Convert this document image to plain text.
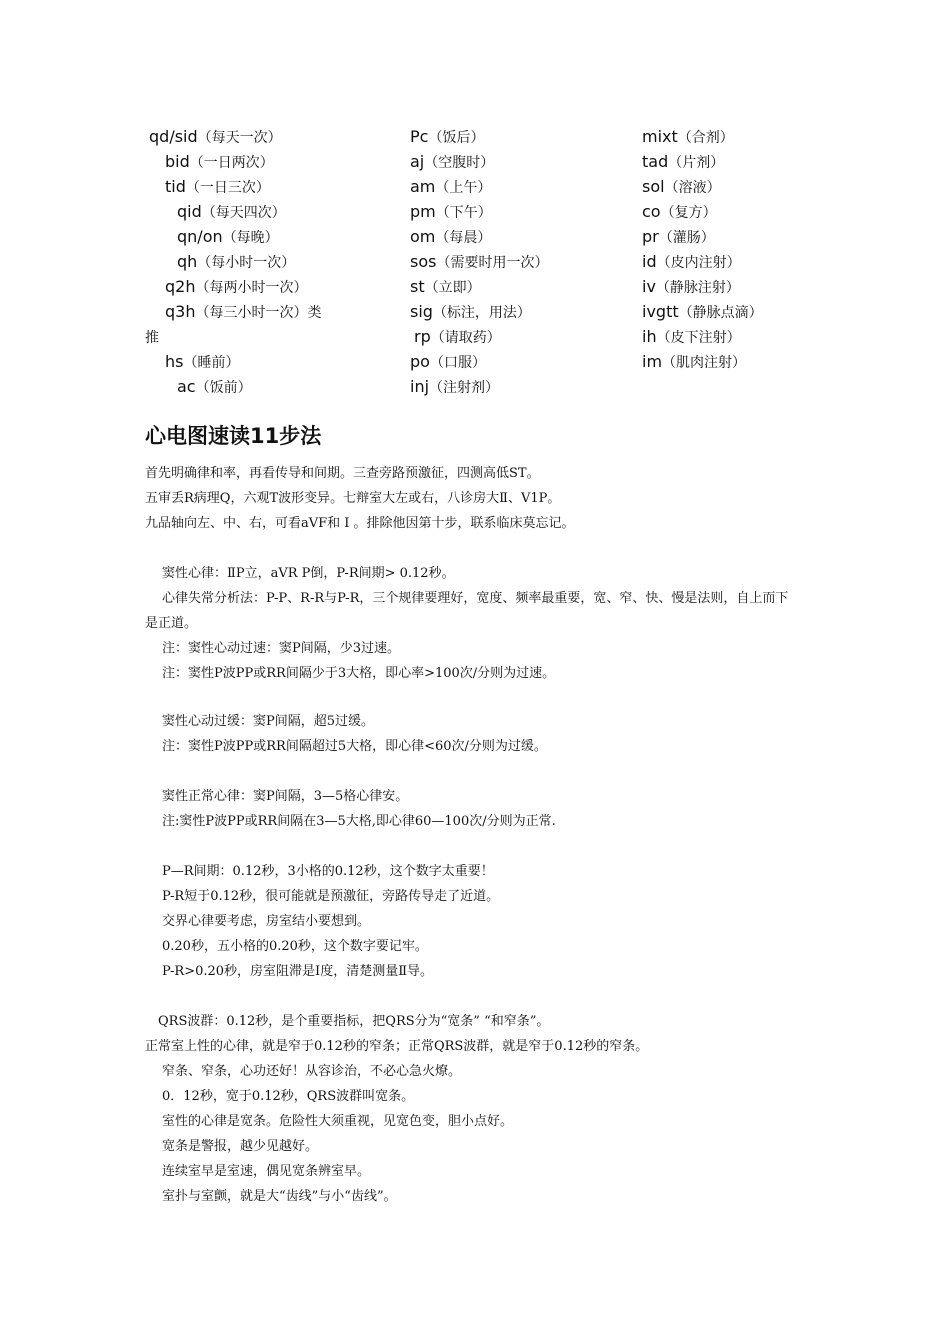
qd/sid（每天一次）
bid（一日两次）
tid（一日三次）
qid（每天四次）
qn/on（每晚）
qh（每小时一次）
q2h（每两小时一次）
q3h（每三小时一次）类
推
hs（睡前）
ac（饭前）
Pc（饭后）
aj（空腹时）
am（上午）
pm（下午）
om（每晨）
sos（需要时用一次）
st（立即）
sig（标注，用法）
rp（请取药）
po（口服）
inj（注射剂）
mixt（合剂）
tad（片剂）
sol（溶液）
co（复方）
pr（灌肠）
id（皮内注射）
iv（静脉注射）
ivgtt（静脉点滴）
ih（皮下注射）
im（肌肉注射）
心电图速读11步法
首先明确律和率，再看传导和间期。三查旁路预激征，四测高低ST。
五审丢R病理Q，六观T波形变异。七辩室大左或右，八诊房大Ⅱ、V1P。
九品轴向左、中、右，可看aVF和 Ⅰ 。排除他因第十步，联系临床莫忘记。
窦性心律：ⅡP立，aVR P倒，P-R间期> 0.12秒。
心律失常分析法：P-P、R-R与P-R，三个规律要理好，宽度、频率最重要，宽、窄、快、慢是法则，自上而下
是正道。
注：窦性心动过速：窦P间隔，少3过速。
注：窦性P波PP或RR间隔少于3大格，即心率>100次/分则为过速。
窦性心动过缓：窦P间隔，超5过缓。
注：窦性P波PP或RR间隔超过5大格，即心律<60次/分则为过缓。
窦性正常心律：窦P间隔，3—5格心律安。
注:窦性P波PP或RR间隔在3—5大格,即心律60—100次/分则为正常.
P—R间期：0.12秒，3小格的0.12秒，这个数字太重要！
P-R短于0.12秒，很可能就是预激征，旁路传导走了近道。
交界心律要考虑，房室结小要想到。
0.20秒，五小格的0.20秒，这个数字要记牢。
P-R>0.20秒，房室阻滞是Ⅰ度，清楚测量Ⅱ导。
QRS波群：0.12秒，是个重要指标，把QRS分为“宽条” “和窄条”。
正常室上性的心律，就是窄于0.12秒的窄条；正常QRS波群，就是窄于0.12秒的窄条。
窄条、窄条，心功还好！从容诊治，不必心急火燎。
0．12秒，宽于0.12秒，QRS波群叫宽条。
室性的心律是宽条。危险性大须重视，见宽色变，胆小点好。
宽条是警报，越少见越好。
连续室早是室速，偶见宽条辨室早。
室扑与室颤，就是大“齿线”与小“齿线”。
